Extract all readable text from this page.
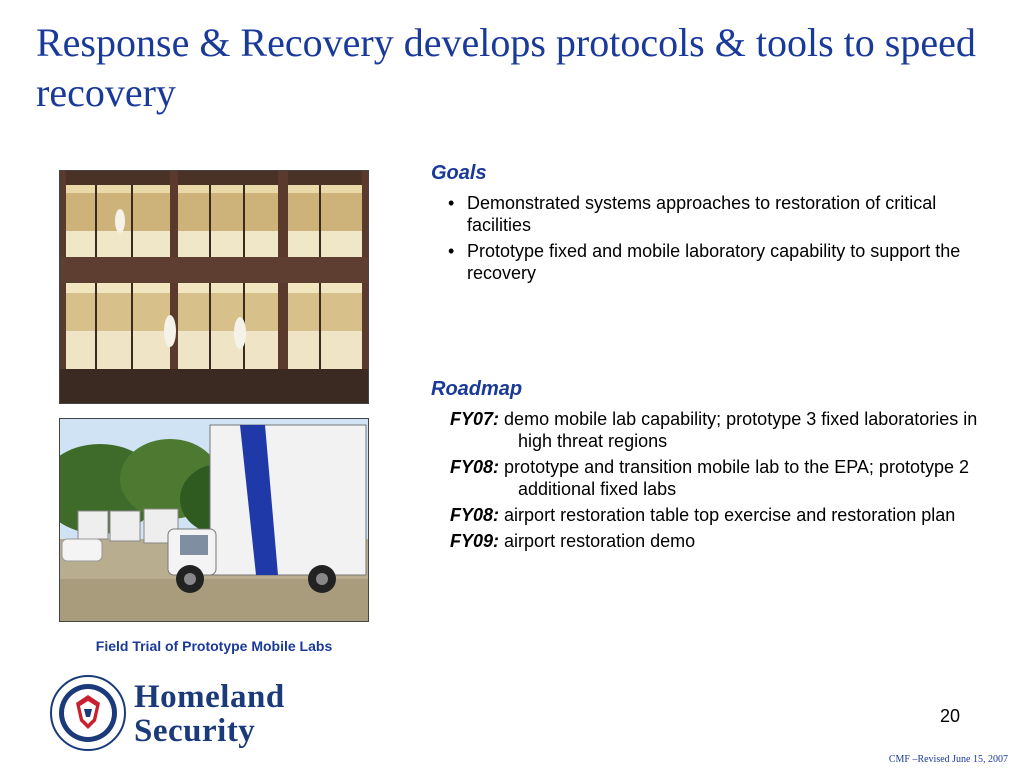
Response & Recovery develops protocols & tools to speed recovery
Field Trial of Prototype Mobile Labs
Goals
• Demonstrated systems approaches to restoration of critical facilities
• Prototype fixed and mobile laboratory capability to support the recovery
Roadmap
FY07: demo mobile lab capability; prototype 3 fixed laboratories in high threat regions
FY08: prototype and transition mobile lab to the EPA; prototype 2 additional fixed labs
FY08: airport restoration table top exercise and restoration plan
FY09: airport restoration demo
Homeland
Security	20
CMF –Revised June 15, 2007
